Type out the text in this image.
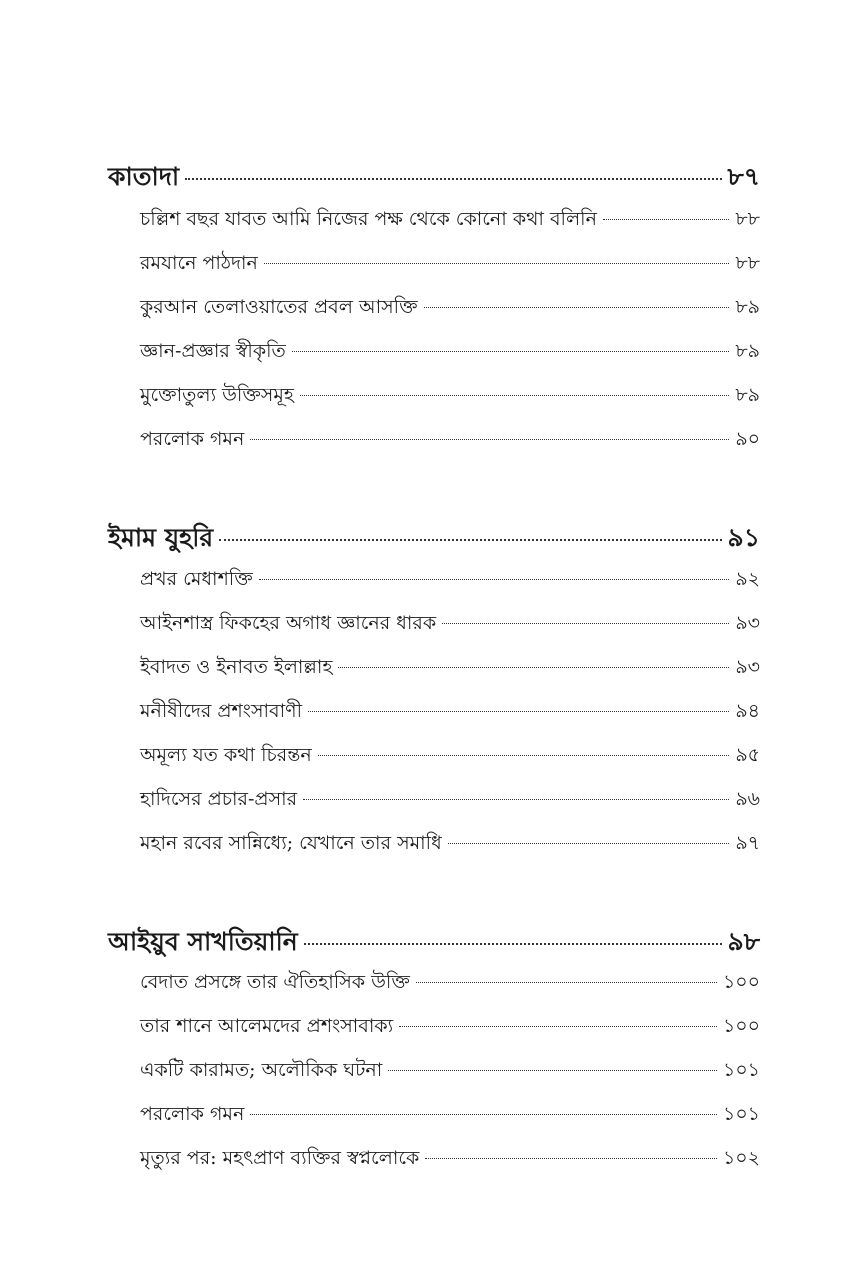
কাতাদা	৮৭
চল্লিশ বছর যাবত আমি নিজের পক্ষ থেকে কোনো কথা বলিনি	৮৮
রমযানে পাঠদান	৮৮
কুরআন তেলাওয়াতের প্রবল আসক্তি	৮৯
জ্ঞান-প্রজ্ঞার স্বীকৃতি	৮৯
মুক্তোতুল্য উক্তিসমূহ	৮৯
পরলোক গমন	৯০
ইমাম যুহরি	৯১
প্রখর মেধাশক্তি	৯২
আইনশাস্ত্র ফিকহের অগাধ জ্ঞানের ধারক	৯৩
ইবাদত ও ইনাবত ইলাল্লাহ	৯৩
মনীষীদের প্রশংসাবাণী	৯৪
অমূল্য যত কথা চিরন্তন	৯৫
হাদিসের প্রচার-প্রসার	৯৬
মহান রবের সান্নিধ্যে; যেখানে তার সমাধি	৯৭
আইয়ুব সাখতিয়ানি	৯৮
বেদাত প্রসঙ্গে তার ঐতিহাসিক উক্তি	১০০
তার শানে আলেমদের প্রশংসাবাক্য	১০০
একটি কারামত; অলৌকিক ঘটনা	১০১
পরলোক গমন	১০১
মৃত্যুর পর: মহৎপ্রাণ ব্যক্তির স্বপ্নলোকে	১০২
